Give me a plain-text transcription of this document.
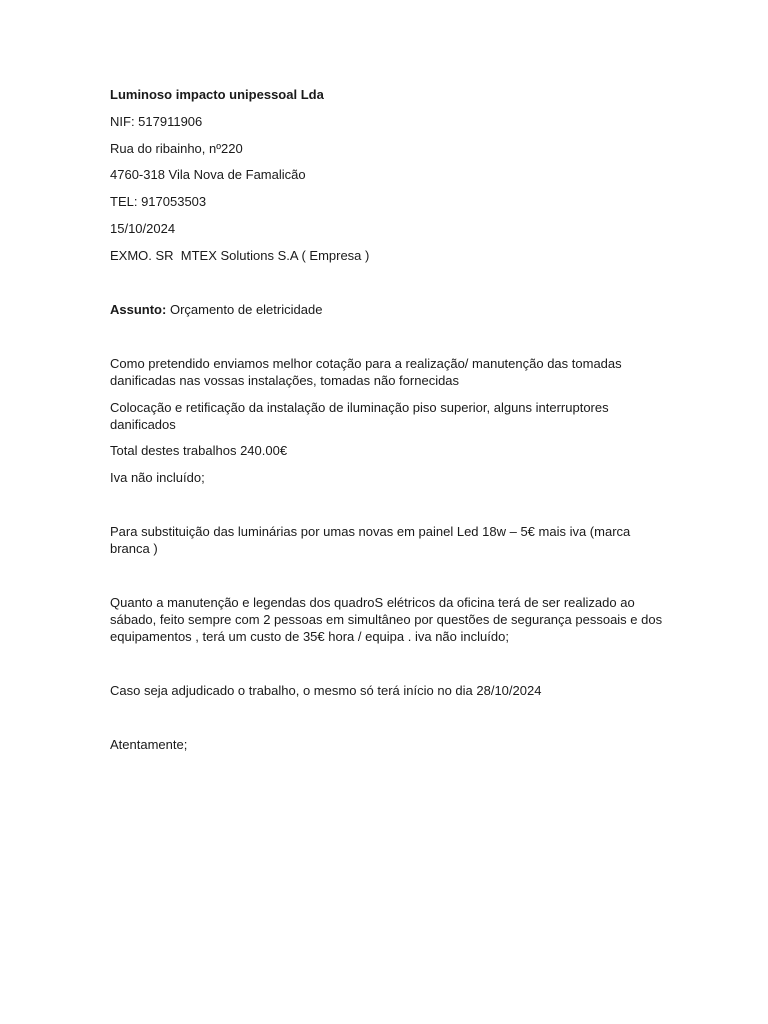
Luminoso impacto unipessoal Lda
NIF: 517911906
Rua do ribainho, nº220
4760-318 Vila Nova de Famalicão
TEL: 917053503
15/10/2024
EXMO. SR  MTEX Solutions S.A ( Empresa )
Assunto: Orçamento de eletricidade
Como pretendido enviamos melhor cotação para a realização/ manutenção das tomadas danificadas nas vossas instalações, tomadas não fornecidas
Colocação e retificação da instalação de iluminação piso superior, alguns interruptores danificados
Total destes trabalhos 240.00€
Iva não incluído;
Para substituição das luminárias por umas novas em painel Led 18w – 5€ mais iva (marca branca )
Quanto a manutenção e legendas dos quadroS elétricos da oficina terá de ser realizado ao sábado, feito sempre com 2 pessoas em simultâneo por questões de segurança pessoais e dos equipamentos , terá um custo de 35€ hora / equipa . iva não incluído;
Caso seja adjudicado o trabalho, o mesmo só terá início no dia 28/10/2024
Atentamente;
